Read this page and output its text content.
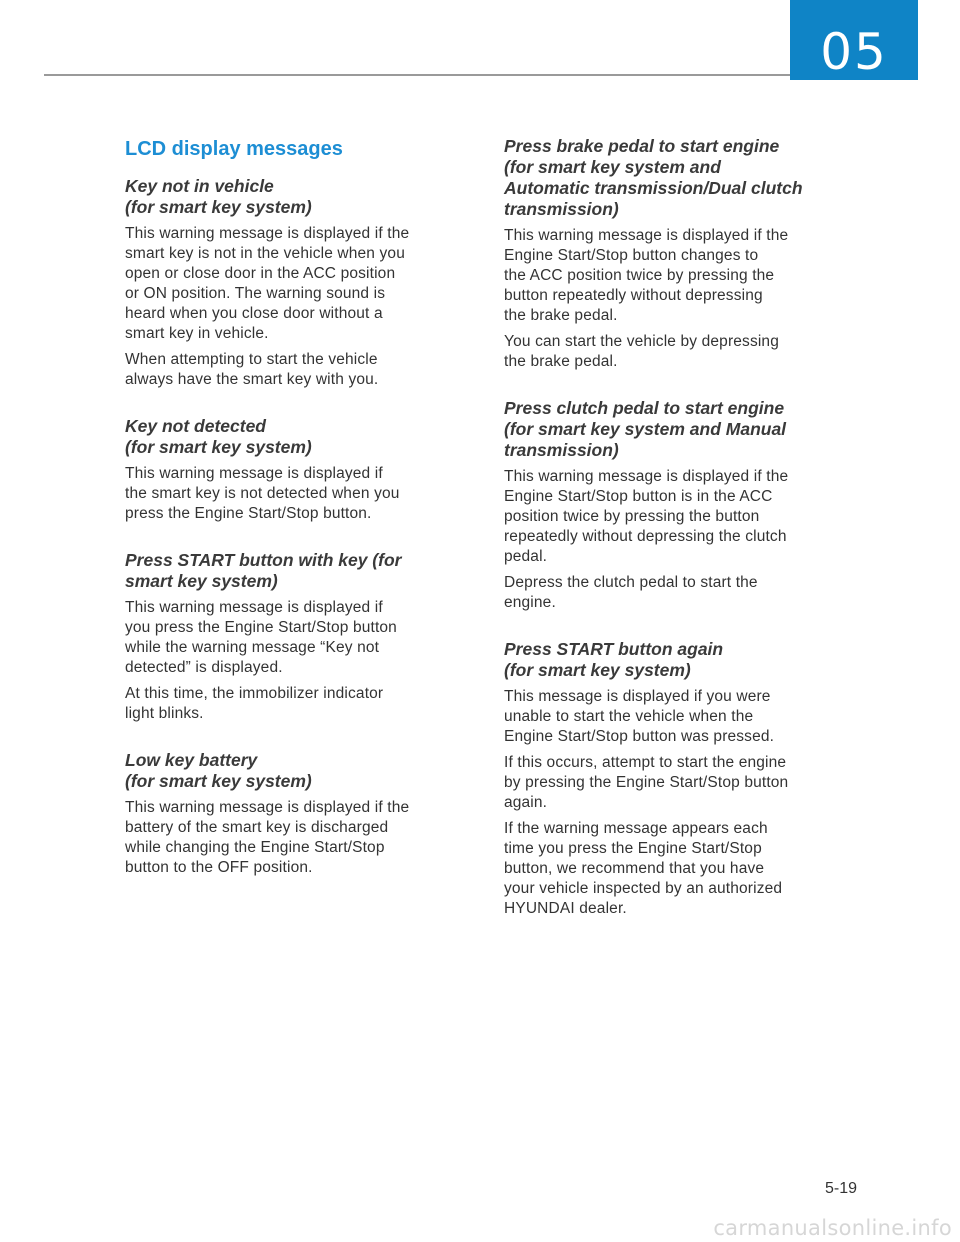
05
LCD display messages
Key not in vehicle
(for smart key system)

This warning message is displayed if the
smart key is not in the vehicle when you
open or close door in the ACC position
or ON position. The warning sound is
heard when you close door without a
smart key in vehicle.

When attempting to start the vehicle
always have the smart key with you.

Key not detected
(for smart key system)

This warning message is displayed if
the smart key is not detected when you
press the Engine Start/Stop button.

Press START button with key (for
smart key system)

This warning message is displayed if
you press the Engine Start/Stop button
while the warning message “Key not
detected” is displayed.

At this time, the immobilizer indicator
light blinks.

Low key battery
(for smart key system)

This warning message is displayed if the
battery of the smart key is discharged
while changing the Engine Start/Stop
button to the OFF position.

Press brake pedal to start engine
(for smart key system and
Automatic transmission/Dual clutch
transmission)

This warning message is displayed if the
Engine Start/Stop button changes to
the ACC position twice by pressing the
button repeatedly without depressing
the brake pedal.

You can start the vehicle by depressing
the brake pedal.

Press clutch pedal to start engine
(for smart key system and Manual
transmission)

This warning message is displayed if the
Engine Start/Stop button is in the ACC
position twice by pressing the button
repeatedly without depressing the clutch
pedal.

Depress the clutch pedal to start the
engine.

Press START button again
(for smart key system)

This message is displayed if you were
unable to start the vehicle when the
Engine Start/Stop button was pressed.

If this occurs, attempt to start the engine
by pressing the Engine Start/Stop button
again.

If the warning message appears each
time you press the Engine Start/Stop
button, we recommend that you have
your vehicle inspected by an authorized
HYUNDAI dealer.

5-19
carmanualsonline.info
